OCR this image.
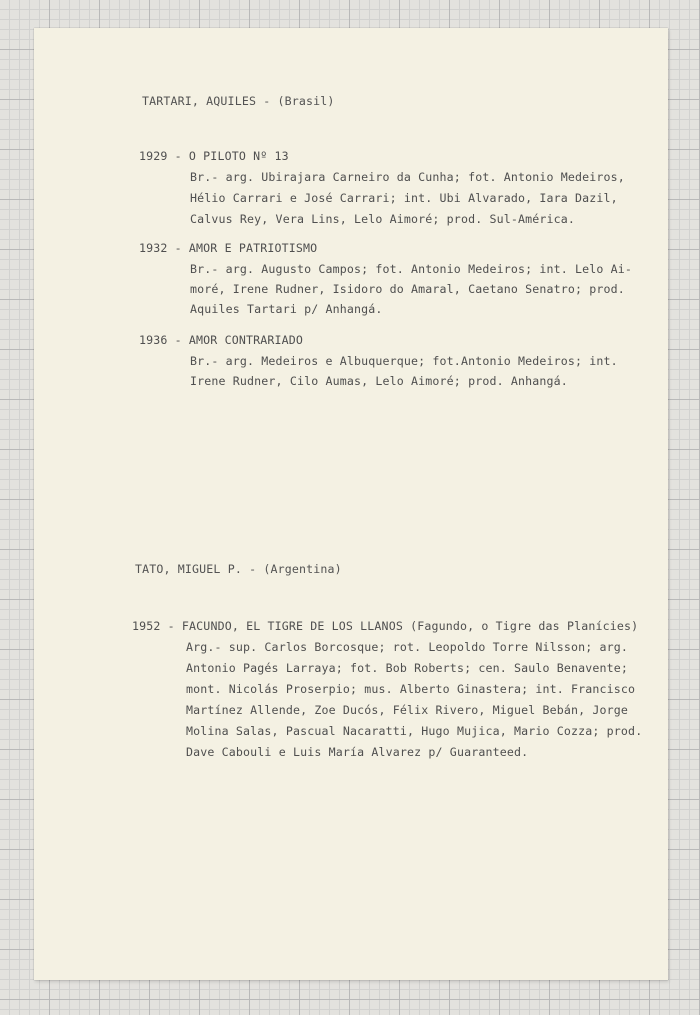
TARTARI, AQUILES - (Brasil)
1929 - O PILOTO Nº 13
Br.- arg. Ubirajara Carneiro da Cunha; fot. Antonio Medeiros,
Hélio Carrari e José Carrari; int. Ubi Alvarado, Iara Dazil,
Calvus Rey, Vera Lins, Lelo Aimoré; prod. Sul-América.
1932 - AMOR E PATRIOTISMO
Br.- arg. Augusto Campos; fot. Antonio Medeiros; int. Lelo Ai-
moré, Irene Rudner, Isidoro do Amaral, Caetano Senatro; prod.
Aquiles Tartari p/ Anhangá.
1936 - AMOR CONTRARIADO
Br.- arg. Medeiros e Albuquerque; fot.Antonio Medeiros; int.
Irene Rudner, Cilo Aumas, Lelo Aimoré; prod. Anhangá.
TATO, MIGUEL P. - (Argentina)
1952 - FACUNDO, EL TIGRE DE LOS LLANOS (Fagundo, o Tigre das Planícies)
Arg.- sup. Carlos Borcosque; rot. Leopoldo Torre Nilsson; arg.
Antonio Pagés Larraya; fot. Bob Roberts; cen. Saulo Benavente;
mont. Nicolás Proserpio; mus. Alberto Ginastera; int. Francisco
Martínez Allende, Zoe Ducós, Félix Rivero, Miguel Bebán, Jorge
Molina Salas, Pascual Nacaratti, Hugo Mujica, Mario Cozza; prod.
Dave Cabouli e Luis María Alvarez p/ Guaranteed.
